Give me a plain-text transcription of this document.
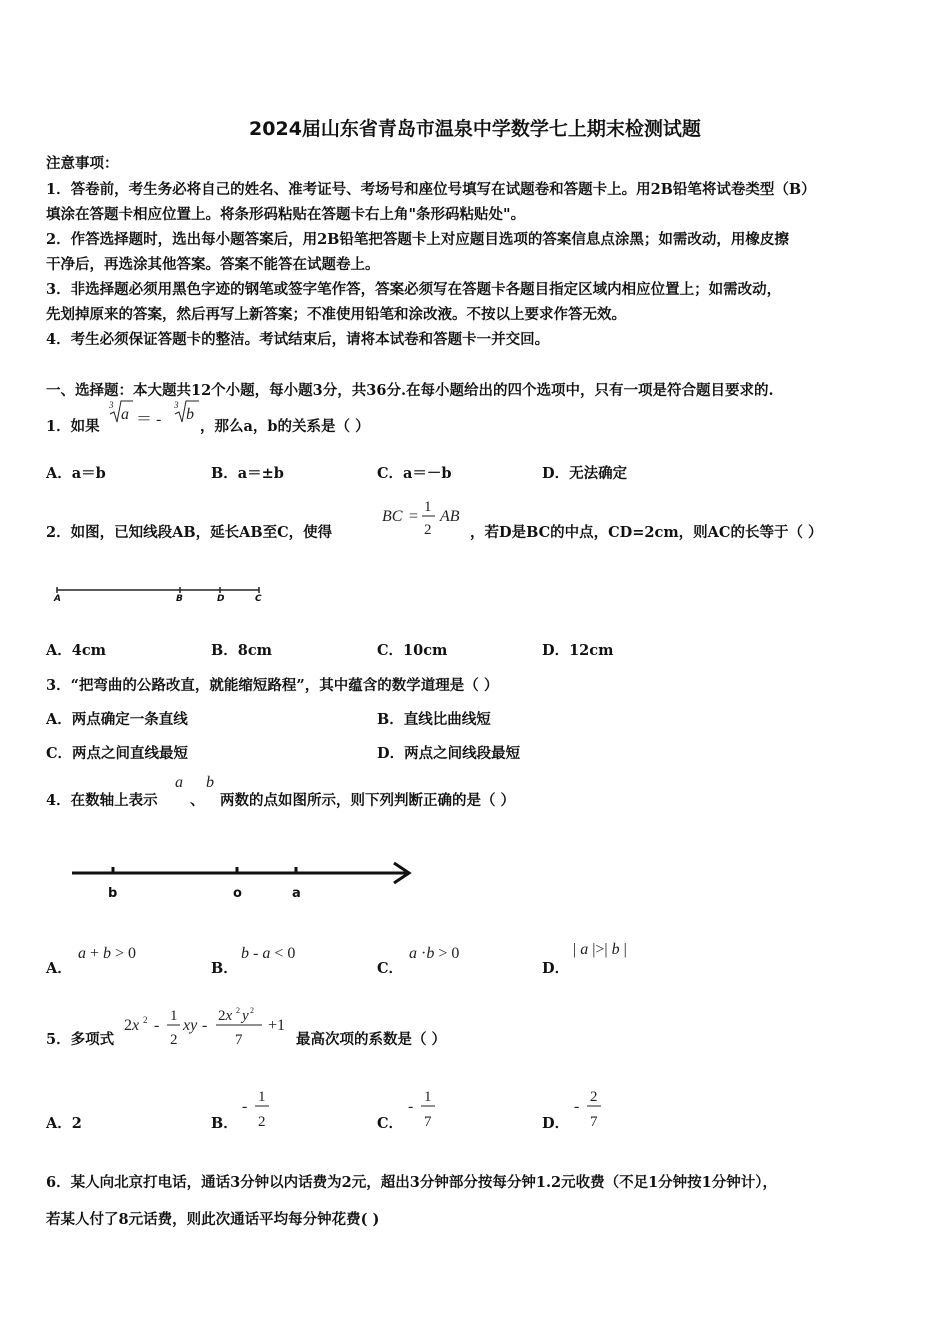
2024届山东省青岛市温泉中学数学七上期末检测试题
注意事项：
1．答卷前，考生务必将自己的姓名、准考证号、考场号和座位号填写在试题卷和答题卡上。用2B铅笔将试卷类型（B）
填涂在答题卡相应位置上。将条形码粘贴在答题卡右上角"条形码粘贴处"。
2．作答选择题时，选出每小题答案后，用2B铅笔把答题卡上对应题目选项的答案信息点涂黑；如需改动，用橡皮擦
干净后，再选涂其他答案。答案不能答在试题卷上。
3．非选择题必须用黑色字迹的钢笔或签字笔作答，答案必须写在答题卡各题目指定区域内相应位置上；如需改动，
先划掉原来的答案，然后再写上新答案；不准使用铅笔和涂改液。不按以上要求作答无效。
4．考生必须保证答题卡的整洁。考试结束后，请将本试卷和答题卡一并交回。
一、选择题：本大题共12个小题，每小题3分，共36分.在每小题给出的四个选项中，只有一项是符合题目要求的.
1．如果
3
a ＝ -
3
b
，那么a，b的关系是（ ）
A．a＝b	B．a＝±b	C．a＝－b	D．无法确定
2．如图，已知线段AB，延长AB至C，使得
BC =
1
2
AB
，若D是BC的中点，CD=2cm，则AC的长等于（ ）
A	B	D	C
A．4cm	B．8cm	C．10cm	D．12cm
3．“把弯曲的公路改直，就能缩短路程”，其中蕴含的数学道理是（ ）
A．两点确定一条直线	B．直线比曲线短
C．两点之间直线最短	D．两点之间线段最短
4．在数轴上表示
a
、
b
两数的点如图所示，则下列判断正确的是（ ）
b	o	a
A．
a + b > 0
B．
b - a < 0
C．
a ·b > 0
D．
| a |>| b |
5．多项式
2x 2 -
1
2
xy -
2x 2 y 2
7
+1
最高次项的系数是（ ）
A．2	B．
-
1
2	C．
-
1
7	D．
-
2
7
6．某人向北京打电话，通话3分钟以内话费为2元，超出3分钟部分按每分钟1.2元收费（不足1分钟按1分钟计），
若某人付了8元话费，则此次通话平均每分钟花费( )
